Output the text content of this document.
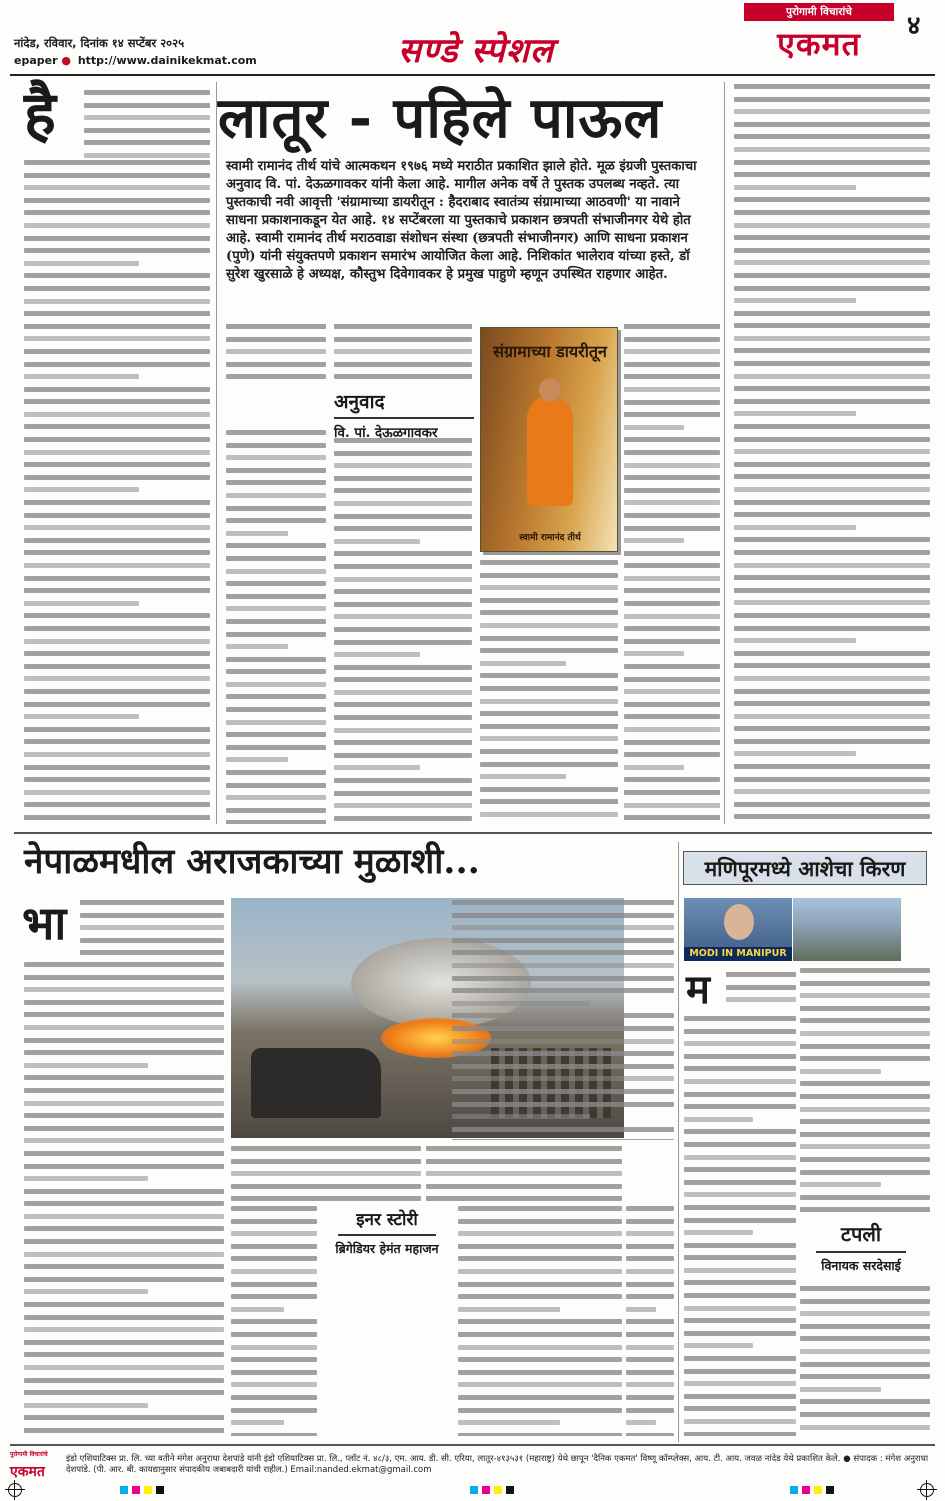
नांदेड, रविवार, दिनांक १४ सप्टेंबर २०२५
epaper ● http://www.dainikekmat.com	सण्डे स्पेशल
पुरोगामी विचारांचे
एकमत	४
है	लातूर - पहिले पाऊल
स्वामी रामानंद तीर्थ यांचे आत्मकथन १९७६ मध्ये मराठीत प्रकाशित झाले होते. मूळ इंग्रजी पुस्तकाचा अनुवाद वि. पां. देऊळगावकर यांनी केला आहे. मागील अनेक वर्षे ते पुस्तक उपलब्ध नव्हते. त्या पुस्तकाची नवी आवृत्ती 'संग्रामाच्या डायरीतून : हैदराबाद स्वातंत्र्य संग्रामाच्या आठवणी' या नावाने साधना प्रकाशनाकडून येत आहे. १४ सप्टेंबरला या पुस्तकाचे प्रकाशन छत्रपती संभाजीनगर येथे होत आहे. स्वामी रामानंद तीर्थ मराठवाडा संशोधन संस्था (छत्रपती संभाजीनगर) आणि साधना प्रकाशन (पुणे) यांनी संयुक्तपणे प्रकाशन समारंभ आयोजित केला आहे. निशिकांत भालेराव यांच्या हस्ते, डॉ सुरेश खुरसाळे हे अध्यक्ष, कौस्तुभ दिवेगावकर हे प्रमुख पाहुणे म्हणून उपस्थित राहणार आहेत.
अनुवाद
वि. पां. देऊळगावकर
संग्रामाच्या डायरीतून
स्वामी रामानंद तीर्थ
नेपाळमधील अराजकाच्या मुळाशी...
भा
इनर स्टोरी
ब्रिगेडियर हेमंत महाजन
मणिपूरमध्ये आशेचा किरण
MODI IN MANIPUR
म
टपली
विनायक सरदेसाई
पुरोगामी विचारांचे
एकमत
इंडो एशियाटिक्स प्रा. लि. च्या वतीने मंगेश अनुराधा देशपांडे यांनी इंडो एशियाटिक्स प्रा. लि., प्लॉट नं. ४८/३, एम. आय. डी. सी. एरिया, लातूर-४१३५३१ (महाराष्ट्र) येथे छापून 'दैनिक एकमत' विष्णू कॉम्प्लेक्स, आय. टी. आय. जवळ नांदेड येथे प्रकाशित केले. ● संपादक : मंगेश अनुराधा देशपांडे. (पी. आर. बी. कायद्यानुसार संपादकीय जबाबदारी यांची राहील.) Email:nanded.ekmat@gmail.com
